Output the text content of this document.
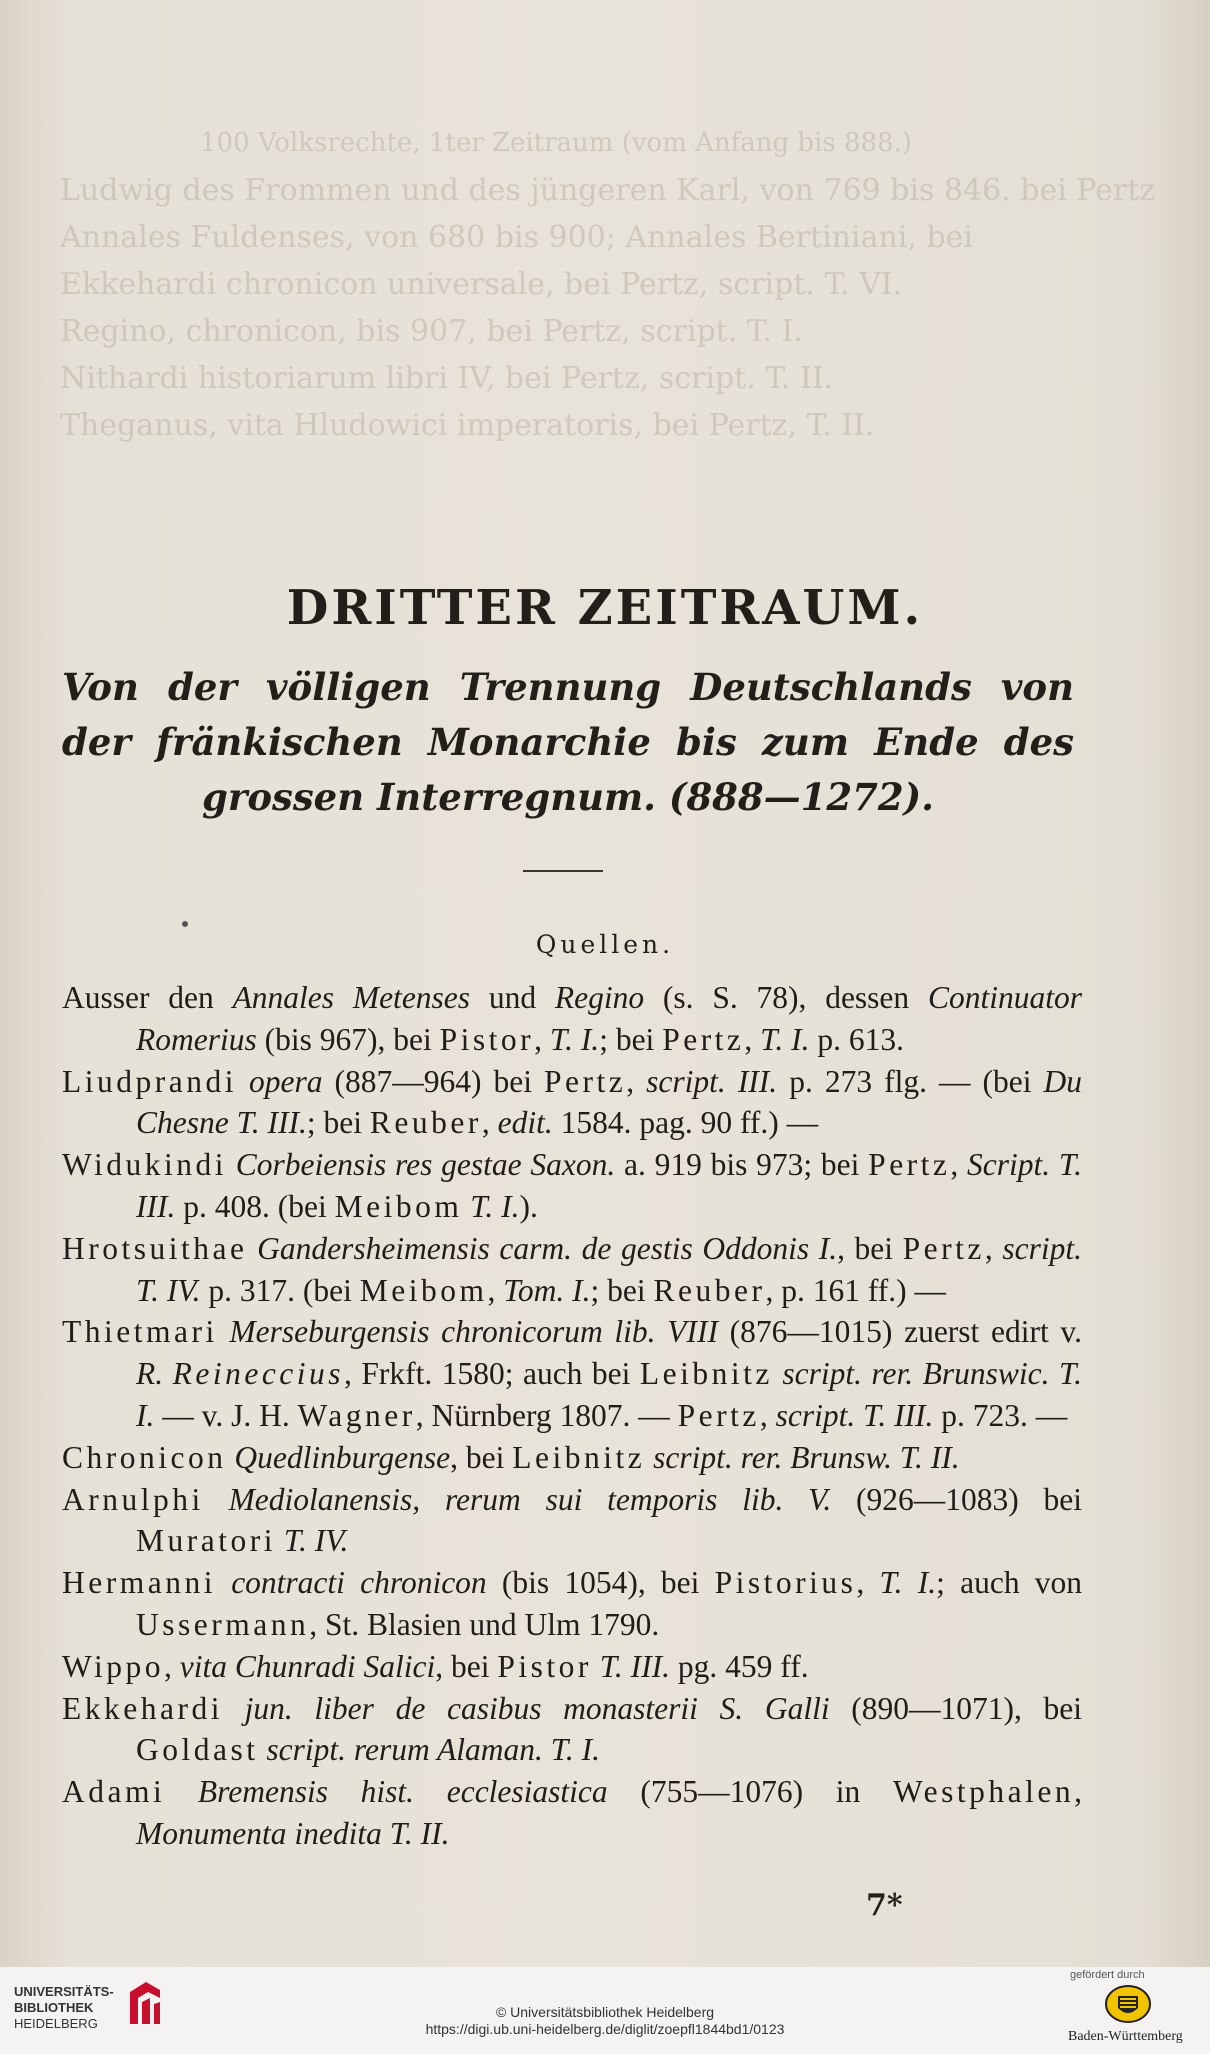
100 Volksrechte, 1ter Zeitraum (vom Anfang bis 888.)
Ludwig des Frommen und des jüngeren Karl, von 769 bis 846. bei Pertz
Annales Fuldenses, von 680 bis 900; Annales Bertiniani, bei
Ekkehardi chronicon universale, bei Pertz, script. T. VI.
Regino, chronicon, bis 907, bei Pertz, script. T. I.
Nithardi historiarum libri IV, bei Pertz, script. T. II.
Theganus, vita Hludowici imperatoris, bei Pertz, T. II.
DRITTER ZEITRAUM.
Von der völligen Trennung Deutschlands von der fränkischen Monarchie bis zum Ende des grossen Interregnum. (888—1272).
Quellen.
Ausser den Annales Metenses und Regino (s. S. 78), dessen Continuator Romerius (bis 967), bei Pistor, T. I.; bei Pertz, T. I. p. 613.
Liudprandi opera (887—964) bei Pertz, script. III. p. 273 flg. — (bei Du Chesne T. III.; bei Reuber, edit. 1584. pag. 90 ff.) —
Widukindi Corbeiensis res gestae Saxon. a. 919 bis 973; bei Pertz, Script. T. III. p. 408. (bei Meibom T. I.).
Hrotsuithae Gandersheimensis carm. de gestis Oddonis I., bei Pertz, script. T. IV. p. 317. (bei Meibom, Tom. I.; bei Reuber, p. 161 ff.) —
Thietmari Merseburgensis chronicorum lib. VIII (876—1015) zuerst edirt v. R. Reineccius, Frkft. 1580; auch bei Leibnitz script. rer. Brunswic. T. I. — v. J. H. Wagner, Nürnberg 1807. — Pertz, script. T. III. p. 723. —
Chronicon Quedlinburgense, bei Leibnitz script. rer. Brunsw. T. II.
Arnulphi Mediolanensis, rerum sui temporis lib. V. (926—1083) bei Muratori T. IV.
Hermanni contracti chronicon (bis 1054), bei Pistorius, T. I.; auch von Ussermann, St. Blasien und Ulm 1790.
Wippo, vita Chunradi Salici, bei Pistor T. III. pg. 459 ff.
Ekkehardi jun. liber de casibus monasterii S. Galli (890—1071), bei Goldast script. rerum Alaman. T. I.
Adami Bremensis hist. ecclesiastica (755—1076) in Westphalen, Monumenta inedita T. II.
7*
UNIVERSITÄTS-
BIBLIOTHEK
HEIDELBERG
© Universitätsbibliothek Heidelberg
https://digi.ub.uni-heidelberg.de/diglit/zoepfl1844bd1/0123
gefördert durch
Baden-Württemberg
